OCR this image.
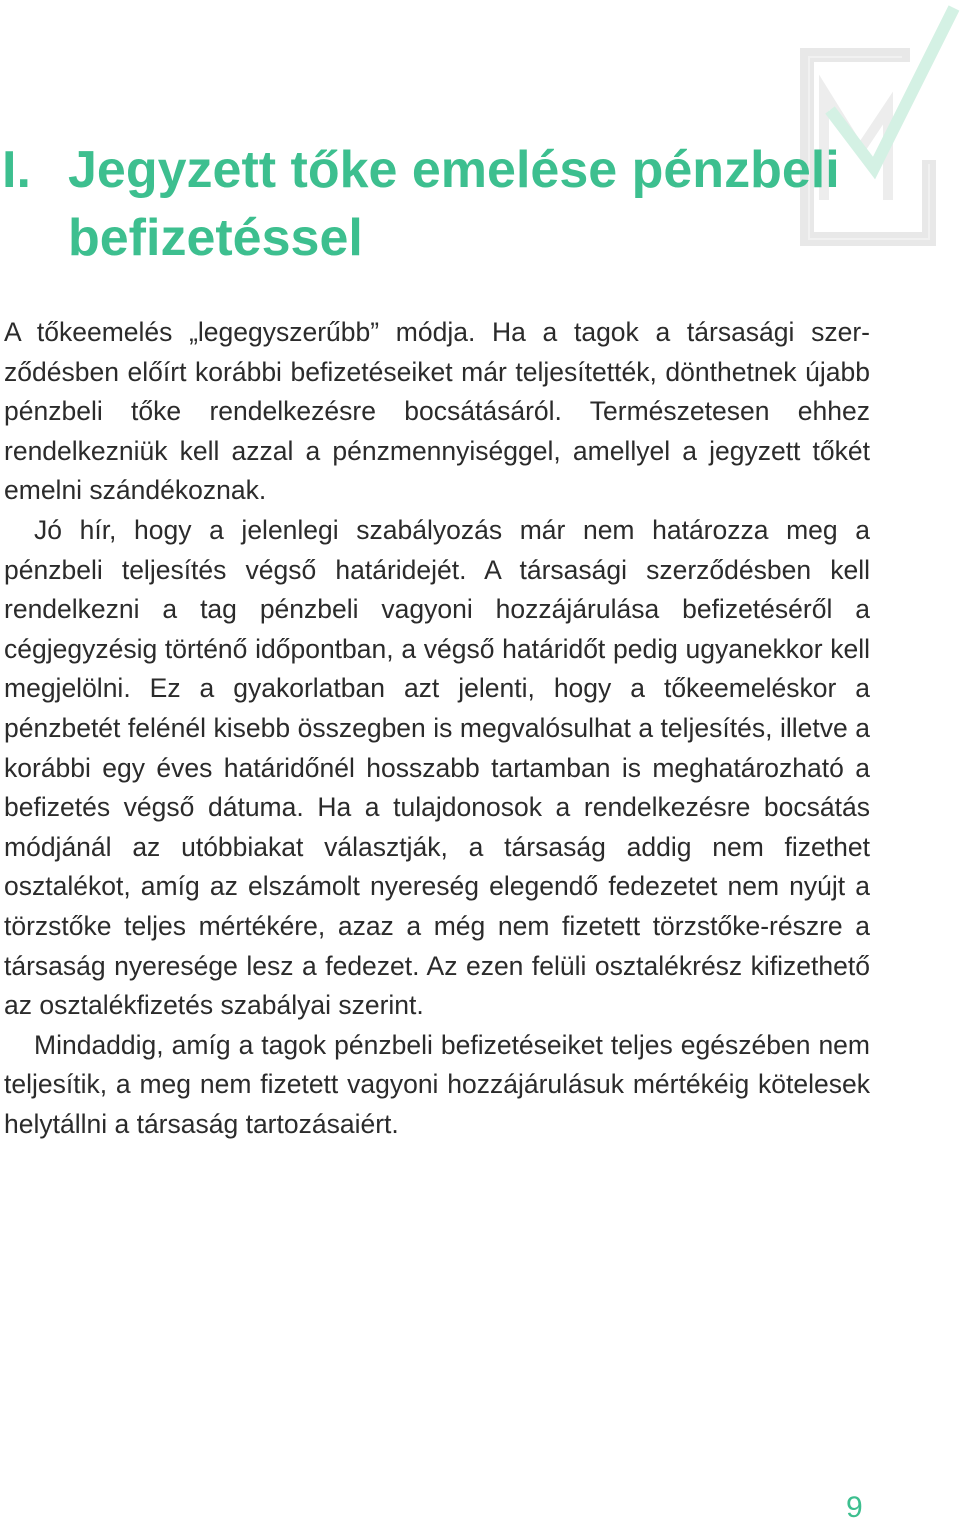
I. Jegyzett tőke emelése pénzbeli befizetéssel

A tőkeemelés „legegyszerűbb” módja. Ha a tagok a társasági szerződésben előírt korábbi befizetéseiket már teljesítették, dönthetnek újabb pénzbeli tőke rendelkezésre bocsátásáról. Természetesen ehhez rendelkezniük kell azzal a pénzmennyiséggel, amellyel a jegyzett tőkét emelni szándékoznak.

Jó hír, hogy a jelenlegi szabályozás már nem határozza meg a pénzbeli teljesítés végső határidejét. A társasági szerződésben kell rendelkezni a tag pénzbeli vagyoni hozzájárulása befizetéséről a cégjegyzésig történő időpontban, a végső határidőt pedig ugyanekkor kell megjelölni. Ez a gyakorlatban azt jelenti, hogy a tőkeemeléskor a pénzbetét felénél kisebb összegben is megvalósulhat a teljesítés, illetve a korábbi egy éves határidőnél hosszabb tartamban is meghatározható a befizetés végső dátuma. Ha a tulajdonosok a rendelkezésre bocsátás módjánál az utóbbiakat választják, a társaság addig nem fizethet osztalékot, amíg az elszámolt nyereség elegendő fedezetet nem nyújt a törzstőke teljes mértékére, azaz a még nem fizetett törzstőke-részre a társaság nyeresége lesz a fedezet. Az ezen felüli osztalékrész kifizethető az osztalékfizetés szabályai szerint.

Mindaddig, amíg a tagok pénzbeli befizetéseiket teljes egészében nem teljesítik, a meg nem fizetett vagyoni hozzájárulásuk mértékéig kötelesek helytállni a társaság tartozásaiért.

9
